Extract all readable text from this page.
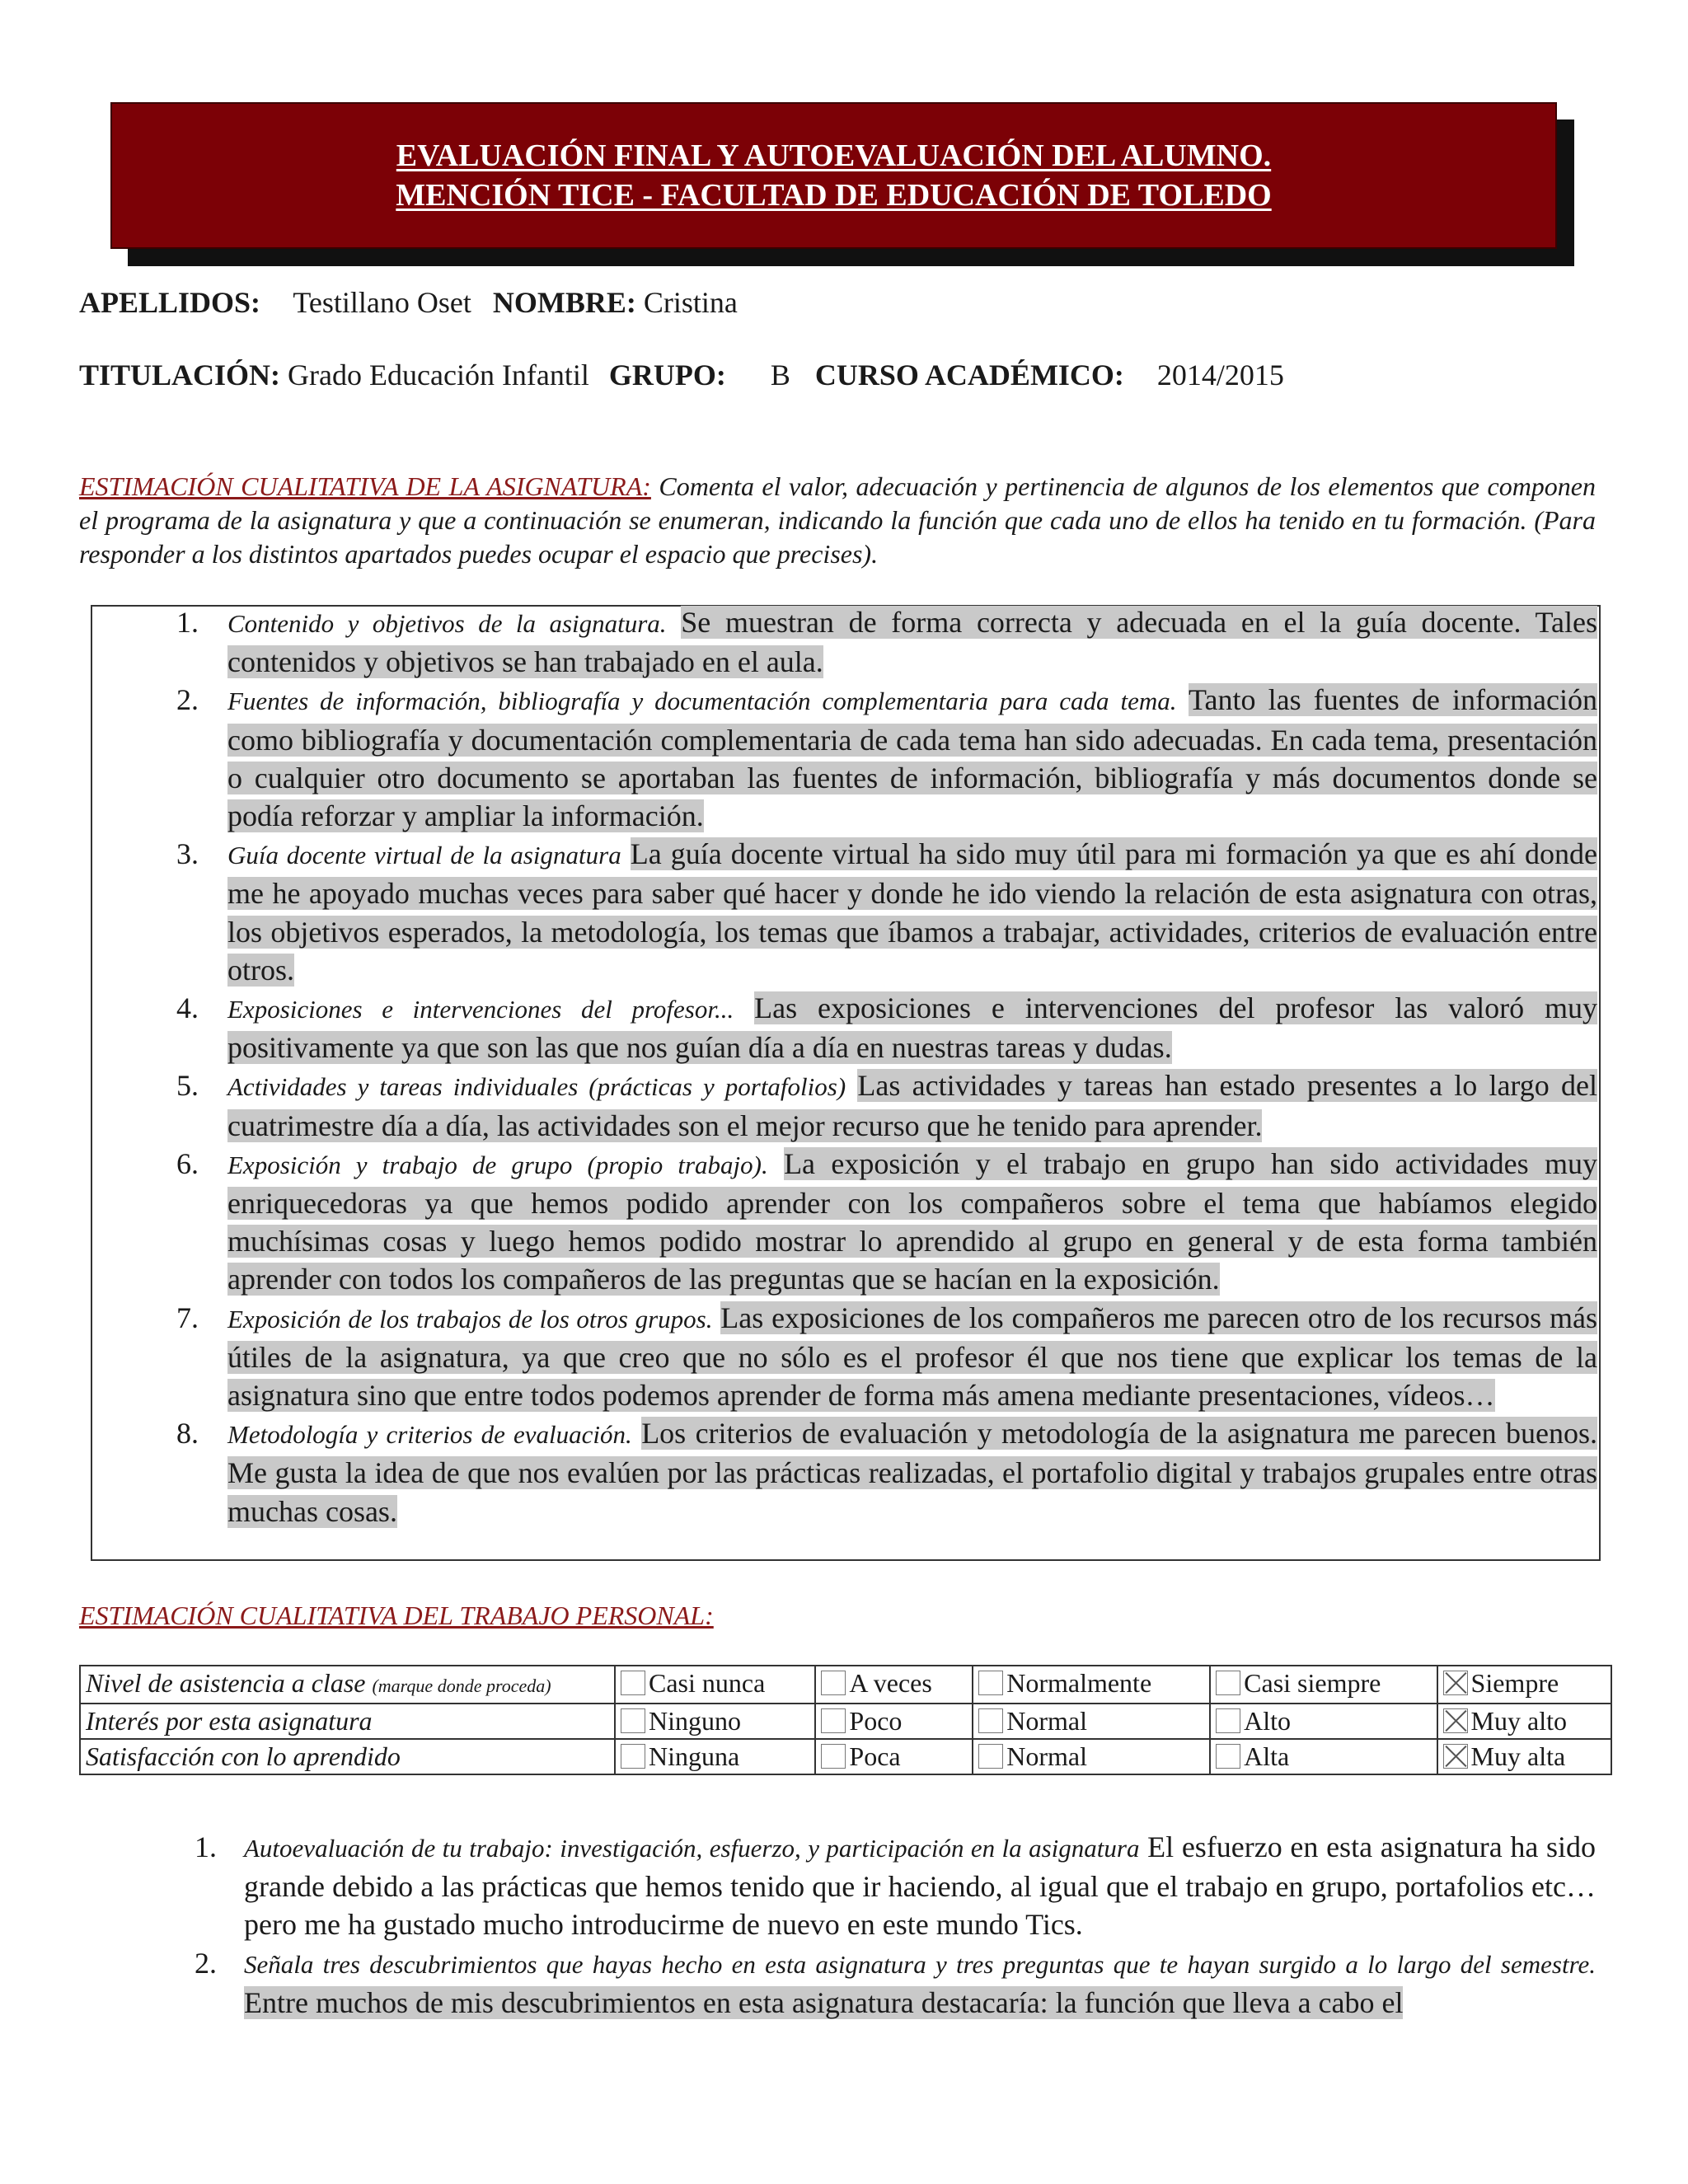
EVALUACIÓN FINAL Y AUTOEVALUACIÓN DEL ALUMNO.
MENCIÓN TICE - FACULTAD DE EDUCACIÓN DE TOLEDO
APELLIDOS: Testillano Oset NOMBRE: Cristina
TITULACIÓN: Grado Educación Infantil GRUPO: B CURSO ACADÉMICO: 2014/2015
ESTIMACIÓN CUALITATIVA DE LA ASIGNATURA: Comenta el valor, adecuación y pertinencia de algunos de los elementos que componen el programa de la asignatura y que a continuación se enumeran, indicando la función que cada uno de ellos ha tenido en tu formación. (Para responder a los distintos apartados puedes ocupar el espacio que precises).
1. Contenido y objetivos de la asignatura. Se muestran de forma correcta y adecuada en el la guía docente. Tales contenidos y objetivos se han trabajado en el aula.
2. Fuentes de información, bibliografía y documentación complementaria para cada tema. Tanto las fuentes de información como bibliografía y documentación complementaria de cada tema han sido adecuadas. En cada tema, presentación o cualquier otro documento se aportaban las fuentes de información, bibliografía y más documentos donde se podía reforzar y ampliar la información.
3. Guía docente virtual de la asignatura La guía docente virtual ha sido muy útil para mi formación ya que es ahí donde me he apoyado muchas veces para saber qué hacer y donde he ido viendo la relación de esta asignatura con otras, los objetivos esperados, la metodología, los temas que íbamos a trabajar, actividades, criterios de evaluación entre otros.
4. Exposiciones e intervenciones del profesor... Las exposiciones e intervenciones del profesor las valoró muy positivamente ya que son las que nos guían día a día en nuestras tareas y dudas.
5. Actividades y tareas individuales (prácticas y portafolios) Las actividades y tareas han estado presentes a lo largo del cuatrimestre día a día, las actividades son el mejor recurso que he tenido para aprender.
6. Exposición y trabajo de grupo (propio trabajo). La exposición y el trabajo en grupo han sido actividades muy enriquecedoras ya que hemos podido aprender con los compañeros sobre el tema que habíamos elegido muchísimas cosas y luego hemos podido mostrar lo aprendido al grupo en general y de esta forma también aprender con todos los compañeros de las preguntas que se hacían en la exposición.
7. Exposición de los trabajos de los otros grupos. Las exposiciones de los compañeros me parecen otro de los recursos más útiles de la asignatura, ya que creo que no sólo es el profesor él que nos tiene que explicar los temas de la asignatura sino que entre todos podemos aprender de forma más amena mediante presentaciones, vídeos…
8. Metodología y criterios de evaluación. Los criterios de evaluación y metodología de la asignatura me parecen buenos. Me gusta la idea de que nos evalúen por las prácticas realizadas, el portafolio digital y trabajos grupales entre otras muchas cosas.
ESTIMACIÓN CUALITATIVA DEL TRABAJO PERSONAL:
Nivel de asistencia a clase (marque donde proceda)	Casi nunca	A veces	Normalmente	Casi siempre	Siempre
Interés por esta asignatura	Ninguno	Poco	Normal	Alto	Muy alto
Satisfacción con lo aprendido	Ninguna	Poca	Normal	Alta	Muy alta
1. Autoevaluación de tu trabajo: investigación, esfuerzo, y participación en la asignatura El esfuerzo en esta asignatura ha sido grande debido a las prácticas que hemos tenido que ir haciendo, al igual que el trabajo en grupo, portafolios etc… pero me ha gustado mucho introducirme de nuevo en este mundo Tics.
2. Señala tres descubrimientos que hayas hecho en esta asignatura y tres preguntas que te hayan surgido a lo largo del semestre. Entre muchos de mis descubrimientos en esta asignatura destacaría: la función que lleva a cabo el
